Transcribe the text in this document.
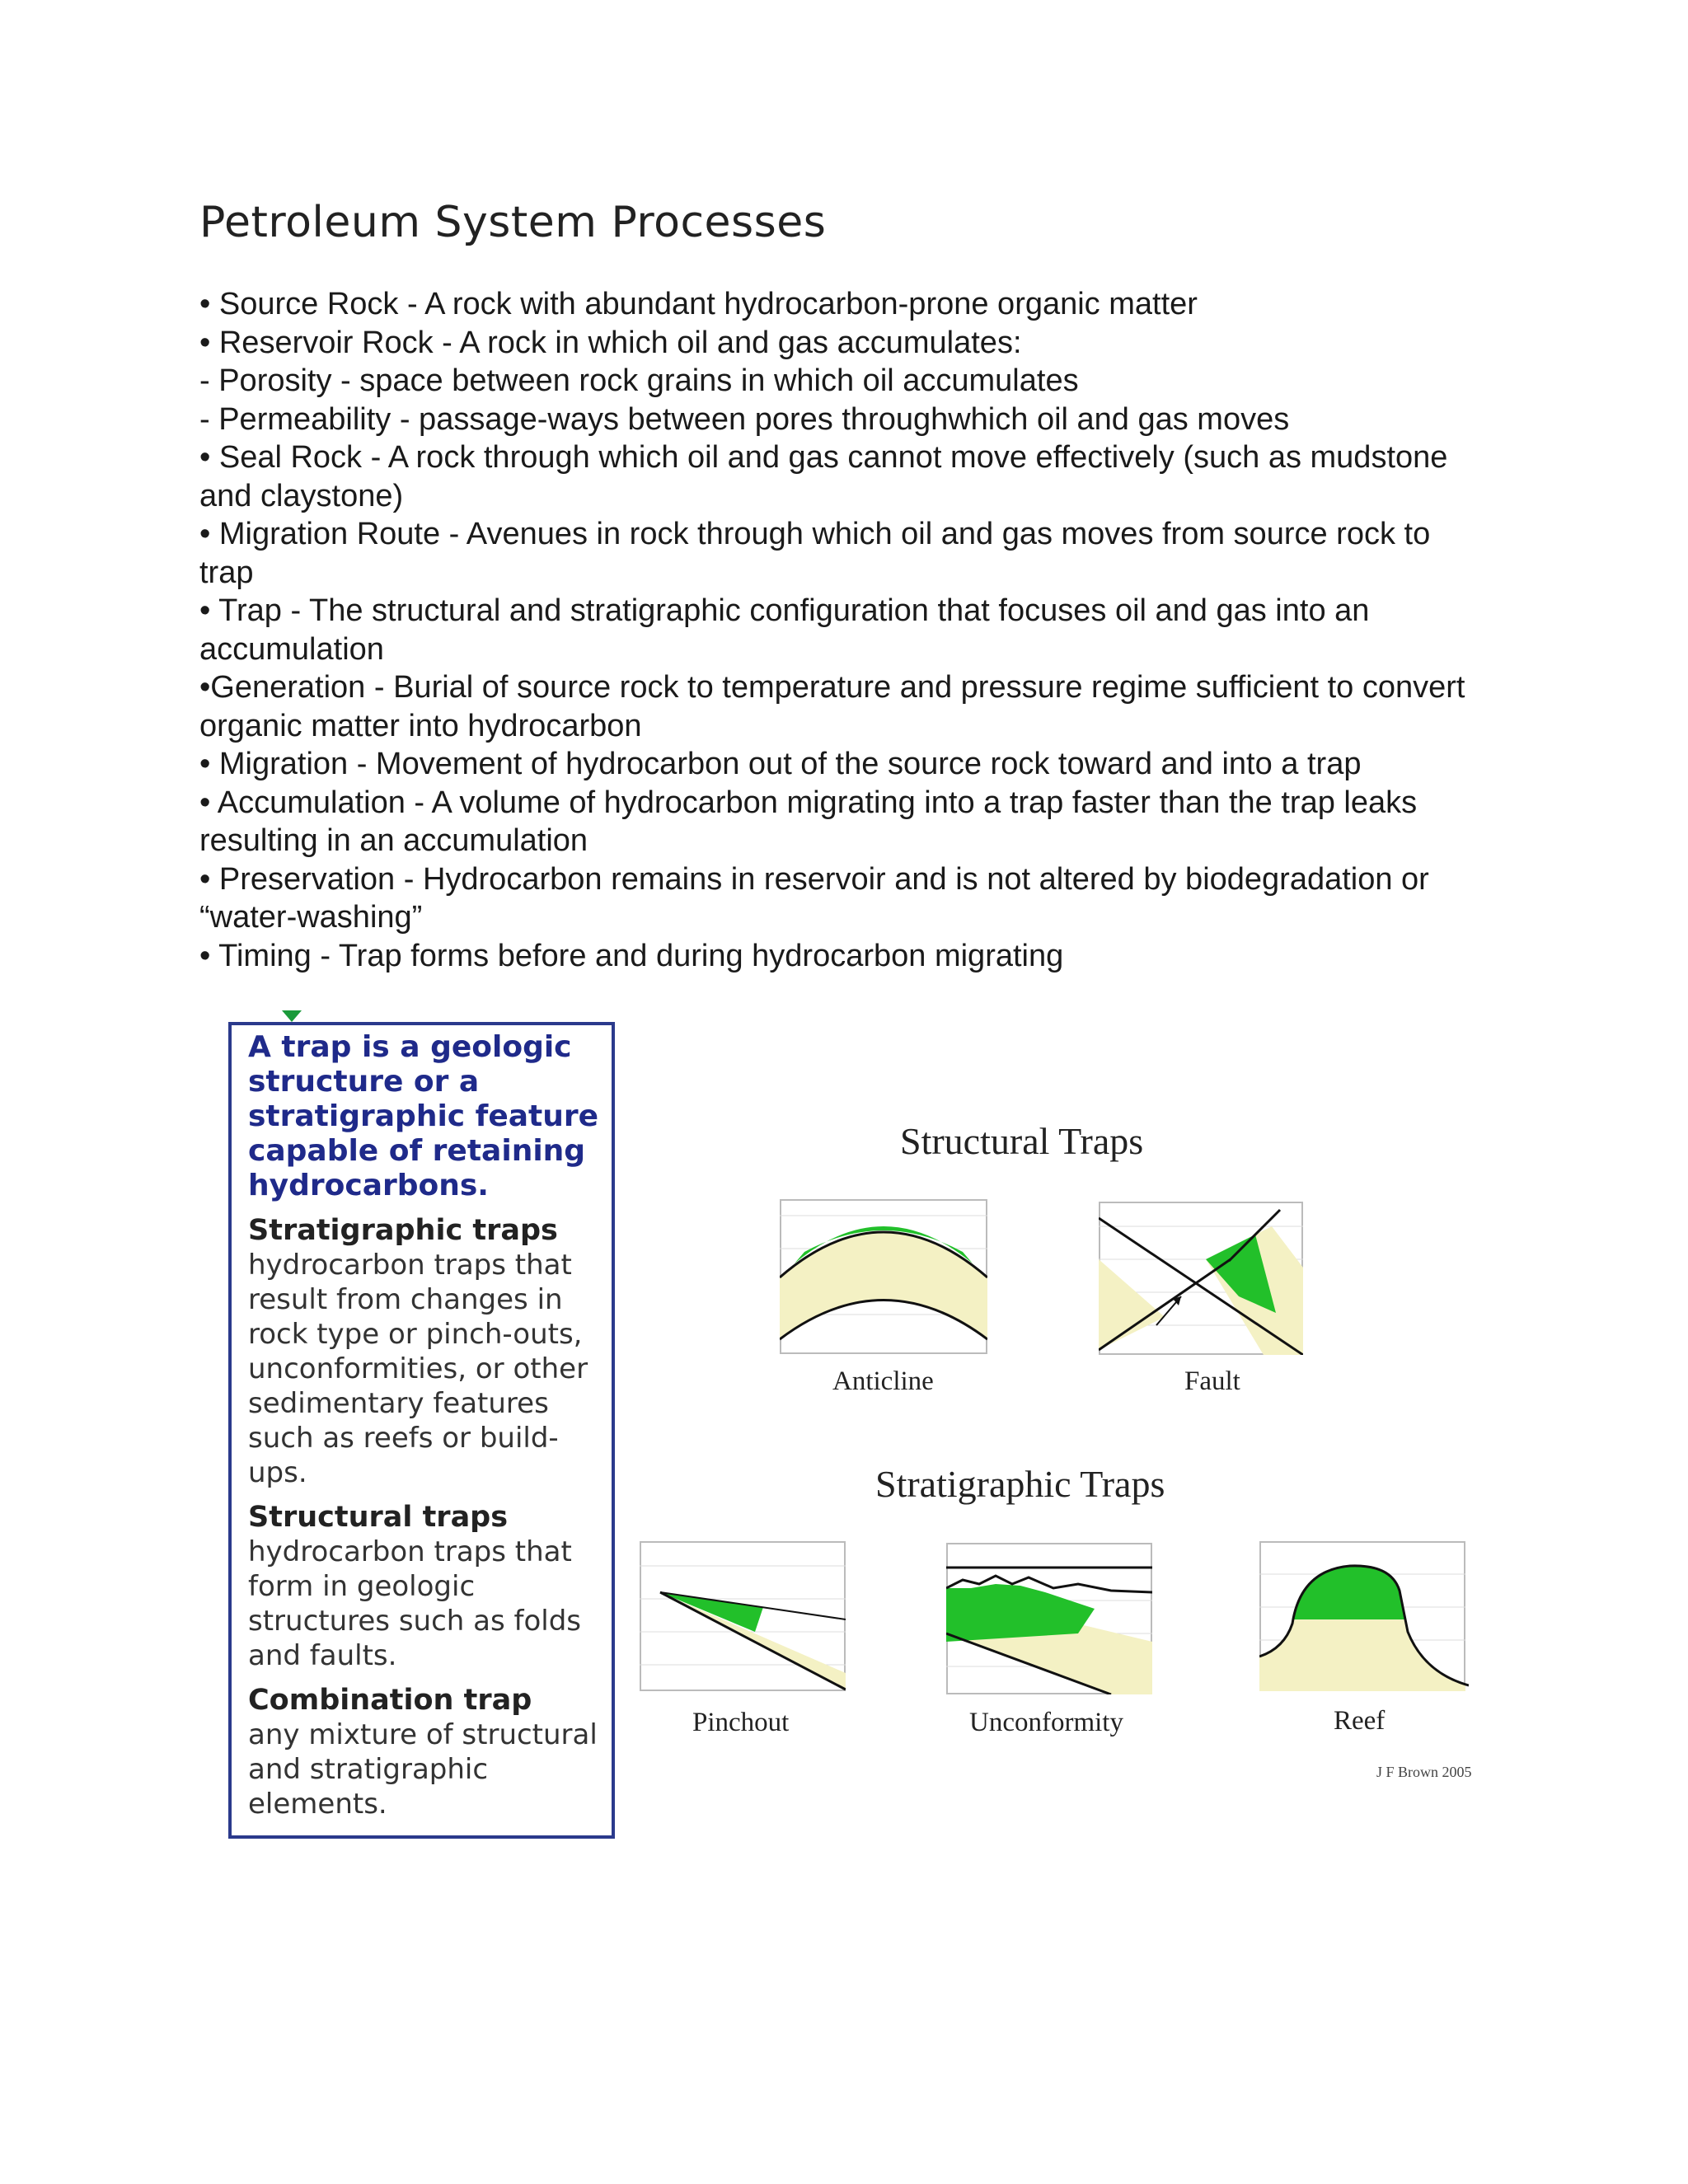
Petroleum System Processes
• Source Rock - A rock with abundant hydrocarbon-prone organic matter
• Reservoir Rock - A rock in which oil and gas accumulates:
- Porosity - space between rock grains in which oil accumulates
- Permeability - passage-ways between pores throughwhich oil and gas moves
• Seal Rock - A rock through which oil and gas cannot move effectively (such as mudstone and claystone)
• Migration Route - Avenues in rock through which oil and gas moves from source rock to trap
• Trap - The structural and stratigraphic configuration that focuses oil and gas into an accumulation
•Generation - Burial of source rock to temperature and pressure regime sufficient to convert organic matter into hydrocarbon
• Migration - Movement of hydrocarbon out of the source rock toward and into a trap
• Accumulation - A volume of hydrocarbon migrating into a trap faster than the trap leaks resulting in an accumulation
• Preservation - Hydrocarbon remains in reservoir and is not altered by biodegradation or “water-washing”
• Timing - Trap forms before and during hydrocarbon migrating

A trap is a geologic structure or a stratigraphic feature capable of retaining hydrocarbons.

Stratigraphic traps

hydrocarbon traps that result from changes in rock type or pinch-outs, unconformities, or other sedimentary features such as reefs or build-ups.

Structural traps

hydrocarbon traps that form in geologic structures such as folds and faults.

Combination trap

any mixture of structural and stratigraphic elements.

Structural Traps
Anticline	Fault
Stratigraphic Traps
Pinchout	Unconformity	Reef
J F Brown 2005
